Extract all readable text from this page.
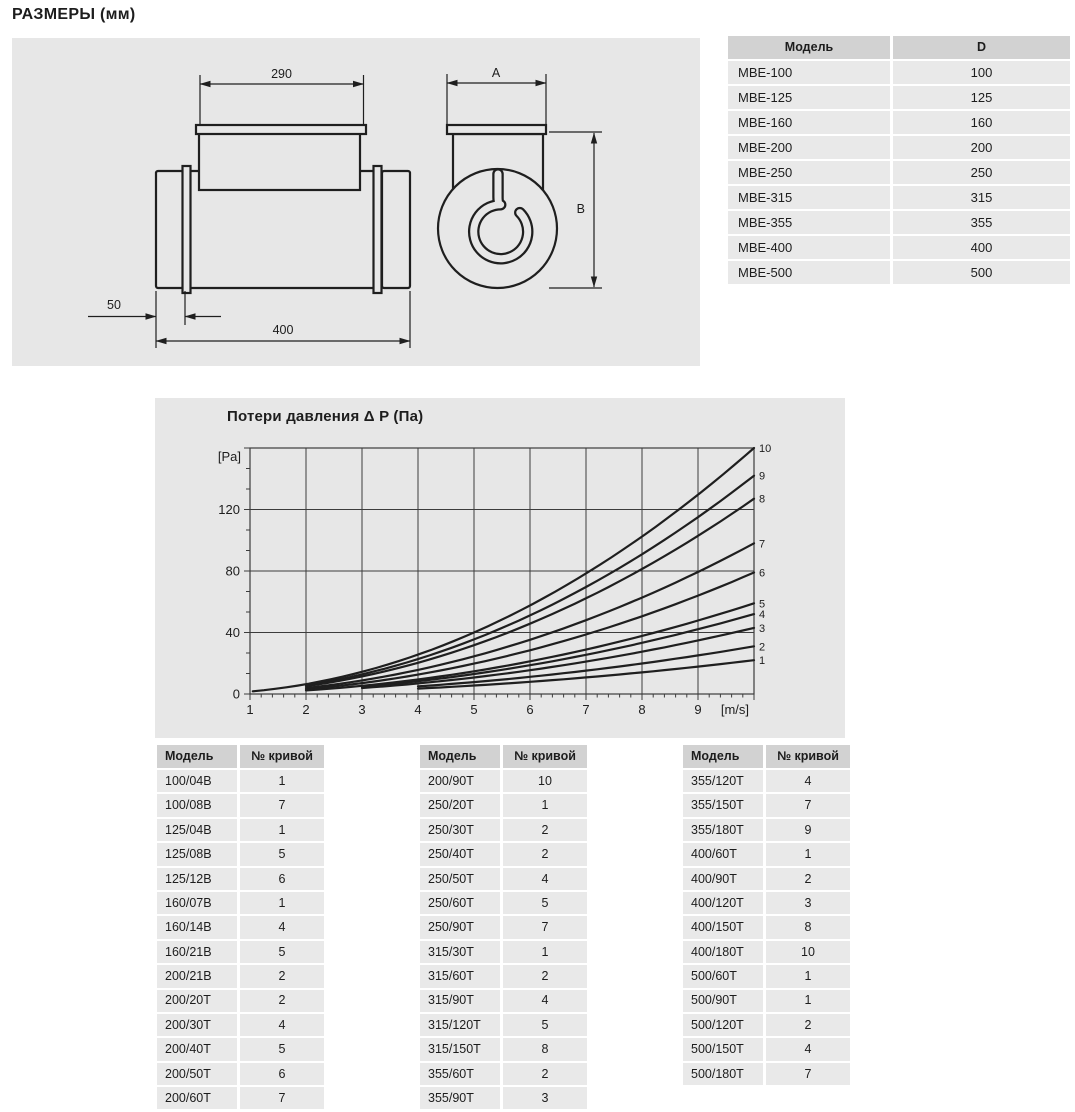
РАЗМЕРЫ (мм)
290
50
400
A
B
Модель	D
MBE-100	100
MBE-125	125
MBE-160	160
MBE-200	200
MBE-250	250
MBE-315	315
MBE-355	355
MBE-400	400
MBE-500	500
Потери давления Δ P (Па)
1	2	3	4	5	6	7	8	9
0
40
80
120
[Pa]
[m/s]
1
2
3
4
5
6
7
8
9
10
Модель	№ кривой
100/04B	1
100/08B	7
125/04B	1
125/08B	5
125/12B	6
160/07B	1
160/14B	4
160/21B	5
200/21B	2
200/20T	2
200/30T	4
200/40T	5
200/50T	6
200/60T	7
Модель	№ кривой
200/90T	10
250/20T	1
250/30T	2
250/40T	2
250/50T	4
250/60T	5
250/90T	7
315/30T	1
315/60T	2
315/90T	4
315/120T	5
315/150T	8
355/60T	2
355/90T	3
Модель	№ кривой
355/120T	4
355/150T	7
355/180T	9
400/60T	1
400/90T	2
400/120T	3
400/150T	8
400/180T	10
500/60T	1
500/90T	1
500/120T	2
500/150T	4
500/180T	7
